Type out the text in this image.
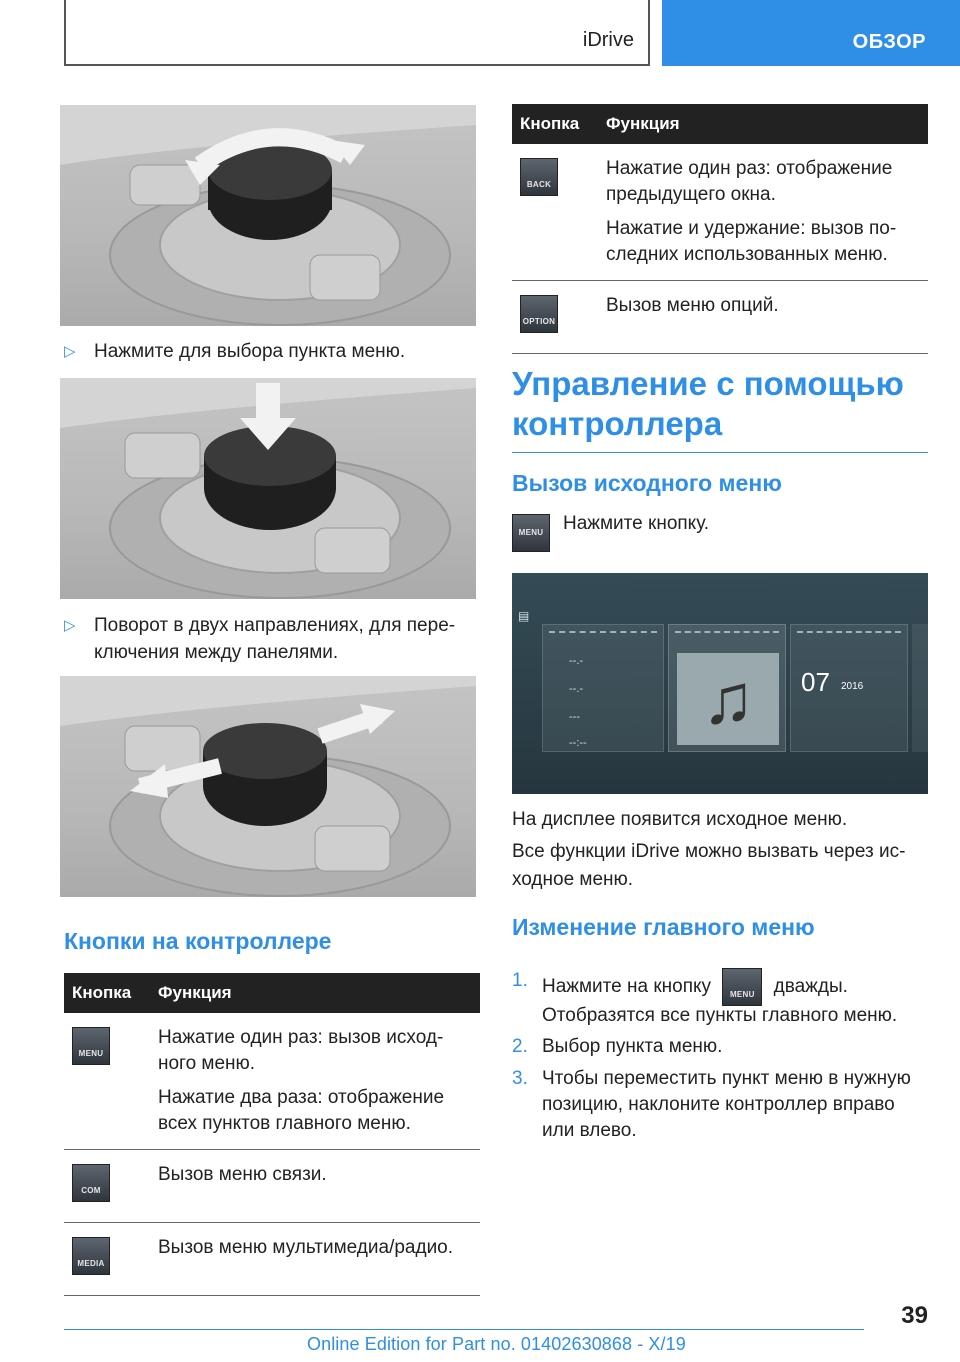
iDrive	ОБЗОР
▷ Нажмите для выбора пункта меню.
▷ Поворот в двух направлениях, для пере-ключения между панелями.
Кнопки на контроллере
Кнопка	Функция

MENU	Нажатие один раз: вызов исход-ного меню.

Нажатие два раза: отображение всех пунктов главного меню.

COM	Вызов меню связи.

MEDIA	Вызов меню мультимедиа/радио.

Кнопка	Функция

BACK	Нажатие один раз: отображение предыдущего окна.

Нажатие и удержание: вызов по-следних использованных меню.

OPTION	Вызов меню опций.

Управление с помощью контроллера
Вызов исходного меню
MENU Нажмите кнопку.
▤
--.-
--.-
---
--:--
♫	07 2016
На дисплее появится исходное меню.
Все функции iDrive можно вызвать через ис-ходное меню.
Изменение главного меню
1. Нажмите на кнопку	MENU дважды.
Отобразятся все пункты главного меню.
2. Выбор пункта меню.
3. Чтобы переместить пункт меню в нужную позицию, наклоните контроллер вправо или влево.
39
Online Edition for Part no. 01402630868 - X/19
